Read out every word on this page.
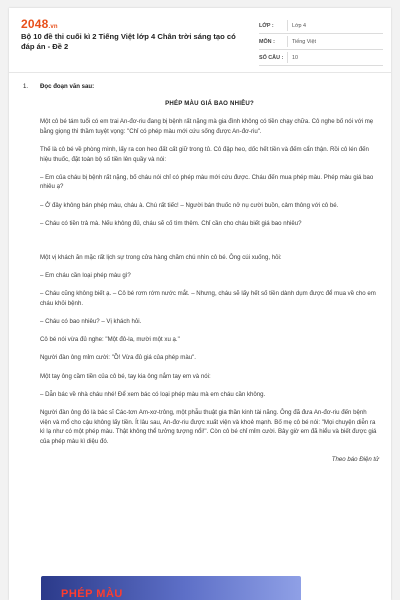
2048.vn
Bộ 10 đề thi cuối kì 2 Tiếng Việt lớp 4 Chân trời sáng tạo có đáp án - Đề 2
LỚP :	Lớp 4
MÔN :	Tiếng Việt
SỐ CÂU :	10
1.	Đọc đoạn văn sau:
PHÉP MÀU GIÁ BAO NHIÊU?

Một cô bé tám tuổi có em trai An-đơ-riu đang bị bệnh rất nặng mà gia đình không có tiền chạy chữa. Cô nghe bố nói với mẹ bằng giọng thì thầm tuyệt vọng: "Chỉ có phép màu mới cứu sống được An-đơ-riu".

Thế là cô bé về phòng mình, lấy ra con heo đất cất giữ trong tủ. Cô đập heo, dốc hết tiền và đếm cẩn thận. Rồi cô lén đến hiệu thuốc, đặt toàn bộ số tiền lên quầy và nói:

– Em của cháu bị bệnh rất nặng, bố cháu nói chỉ có phép màu mới cứu được. Cháu đến mua phép màu. Phép màu giá bao nhiêu ạ?

– Ở đây không bán phép màu, cháu à. Chú rất tiếc! – Người bán thuốc nở nụ cười buồn, cảm thông với cô bé.

– Cháu có tiền trả mà. Nếu không đủ, cháu sẽ cố tìm thêm. Chỉ cần cho cháu biết giá bao nhiêu?

Một vị khách ăn mặc rất lịch sự trong cửa hàng chăm chú nhìn cô bé. Ông cúi xuống, hỏi:

– Em cháu cần loại phép màu gì?

– Cháu cũng không biết ạ. – Cô bé rơm rớm nước mắt. – Nhưng, cháu sẽ lấy hết số tiền dành dụm được để mua về cho em cháu khỏi bệnh.

– Cháu có bao nhiêu? – Vị khách hỏi.

Cô bé nói vừa đủ nghe: "Một đô-la, mười một xu ạ."

Người đàn ông mỉm cười: "Ồ! Vừa đủ giá của phép màu".

Một tay ông cầm tiền của cô bé, tay kia ông nắm tay em và nói:

– Dẫn bác về nhà cháu nhé! Để xem bác có loại phép màu mà em cháu cần không.

Người đàn ông đó là bác sĩ Các-tơn Am-xơ-trông, một phẫu thuật gia thần kinh tài năng. Ông đã đưa An-đơ-riu đến bệnh viện và mổ cho cậu không lấy tiền. Ít lâu sau, An-đơ-riu được xuất viện và khoẻ mạnh. Bố mẹ cô bé nói: "Mọi chuyện diễn ra kì lạ như có một phép màu. Thật không thể tưởng tượng nổi!". Còn cô bé chỉ mỉm cười. Bây giờ em đã hiểu và biết được giá của phép màu kì diệu đó.

Theo báo Điện tử
PHÉP MÀU
